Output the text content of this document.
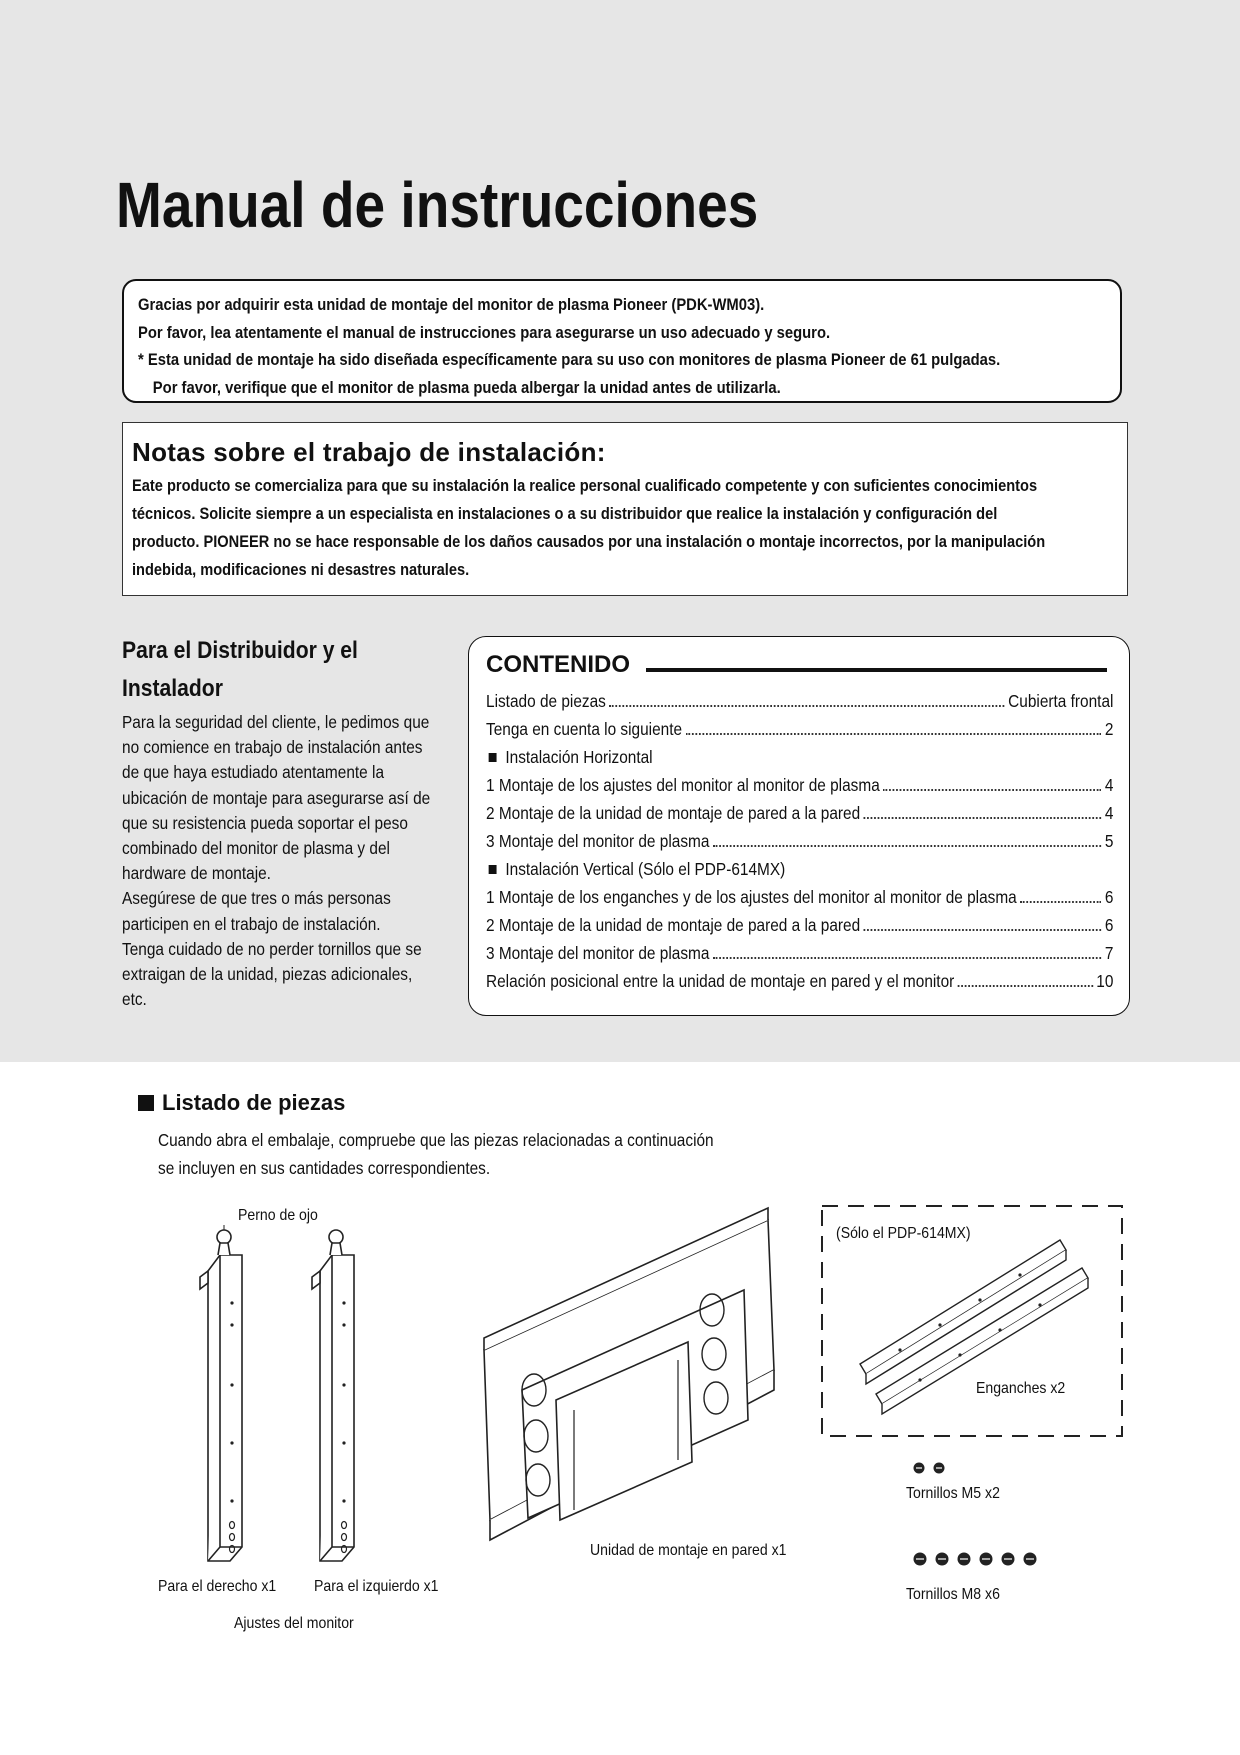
Manual de instrucciones
Gracias por adquirir esta unidad de montaje del monitor de plasma Pioneer (PDK-WM03).
Por favor, lea atentamente el manual de instrucciones para asegurarse un uso adecuado y seguro.
* Esta unidad de montaje ha sido diseñada específicamente para su uso con monitores de plasma Pioneer de 61 pulgadas.
Por favor, verifique que el monitor de plasma pueda albergar la unidad antes de utilizarla.
Notas sobre el trabajo de instalación:
Eate producto se comercializa para que su instalación la realice personal cualificado competente y con suficientes conocimientos
técnicos. Solicite siempre a un especialista en instalaciones o a su distribuidor que realice la instalación y configuración del
producto. PIONEER no se hace responsable de los daños causados por una instalación o montaje incorrectos, por la manipulación
indebida, modificaciones ni desastres naturales.
Para el Distribuidor y el
Instalador

Para la seguridad del cliente, le pedimos que
no comience en trabajo de instalación antes
de que haya estudiado atentamente la
ubicación de montaje para asegurarse así de
que su resistencia pueda soportar el peso
combinado del monitor de plasma y del
hardware de montaje.
Asegúrese de que tres o más personas
participen en el trabajo de instalación.
Tenga cuidado de no perder tornillos que se
extraigan de la unidad, piezas adicionales,
etc.

CONTENIDO
Listado de piezas	Cubierta frontal
Tenga en cuenta lo siguiente	2
Instalación Horizontal
1 Montaje de los ajustes del monitor al monitor de plasma	4
2 Montaje de la unidad de montaje de pared a la pared	4
3 Montaje del monitor de plasma	5
Instalación Vertical (Sólo el PDP-614MX)
1 Montaje de los enganches y de los ajustes del monitor al monitor de plasma	6
2 Montaje de la unidad de montaje de pared a la pared	6
3 Montaje del monitor de plasma	7
Relación posicional entre la unidad de montaje en pared y el monitor	10
Listado de piezas
Cuando abra el embalaje, compruebe que las piezas relacionadas a continuación
se incluyen en sus cantidades correspondientes.
Perno de ojo
Para el derecho x1 Para el izquierdo x1
Ajustes del monitor
Unidad de montaje en pared x1
(Sólo el PDP-614MX)
Enganches x2
Tornillos M5 x2
Tornillos M8 x6
